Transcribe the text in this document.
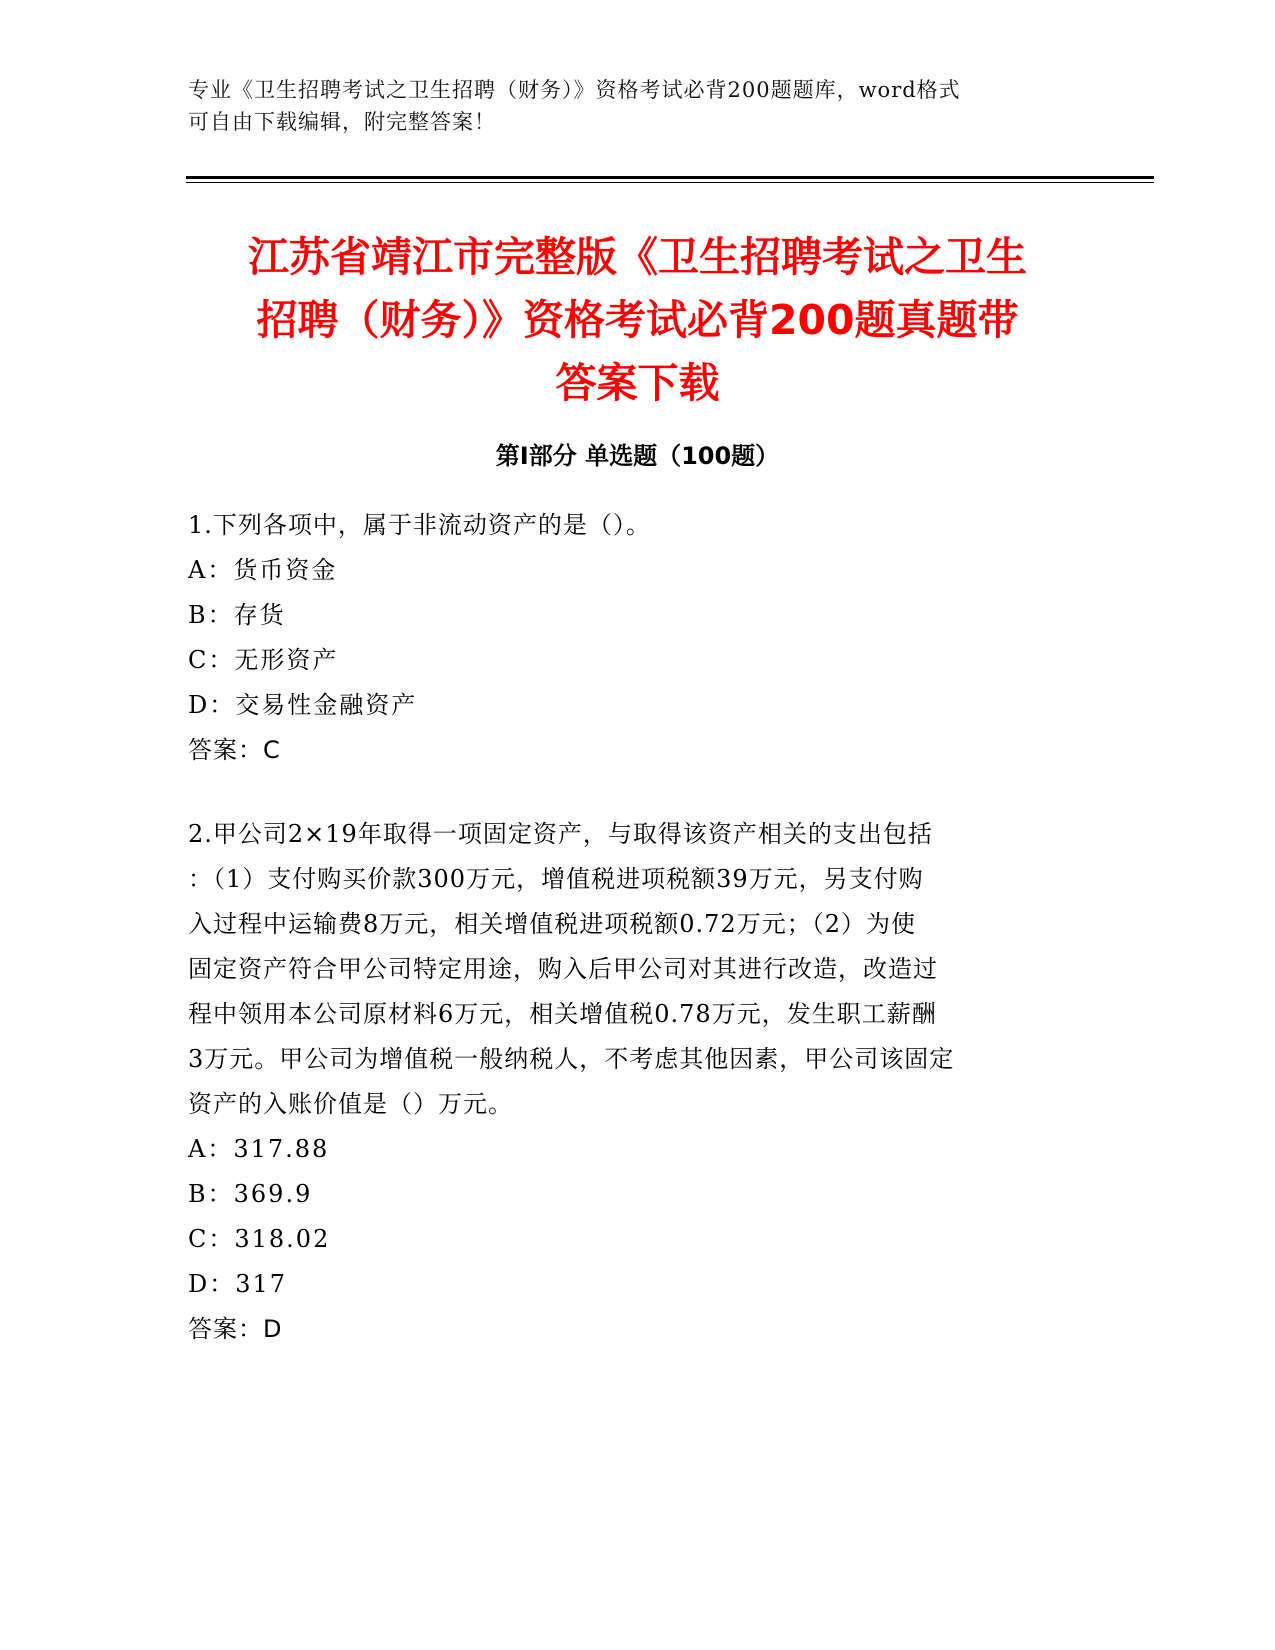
专业《卫生招聘考试之卫生招聘（财务）》资格考试必背200题题库，word格式
可自由下载编辑，附完整答案！
江苏省靖江市完整版《卫生招聘考试之卫生
招聘（财务）》资格考试必背200题真题带
答案下载
第Ⅰ部分 单选题（100题）
1.下列各项中，属于非流动资产的是（）。
A：货币资金
B：存货
C：无形资产
D：交易性金融资产
答案：C
2.甲公司2×19年取得一项固定资产，与取得该资产相关的支出包括
：（1）支付购买价款300万元，增值税进项税额39万元，另支付购
入过程中运输费8万元，相关增值税进项税额0.72万元；（2）为使
固定资产符合甲公司特定用途，购入后甲公司对其进行改造，改造过
程中领用本公司原材料6万元，相关增值税0.78万元，发生职工薪酬
3万元。甲公司为增值税一般纳税人，不考虑其他因素，甲公司该固定
资产的入账价值是（）万元。
A：317.88
B：369.9
C：318.02
D：317
答案：D
